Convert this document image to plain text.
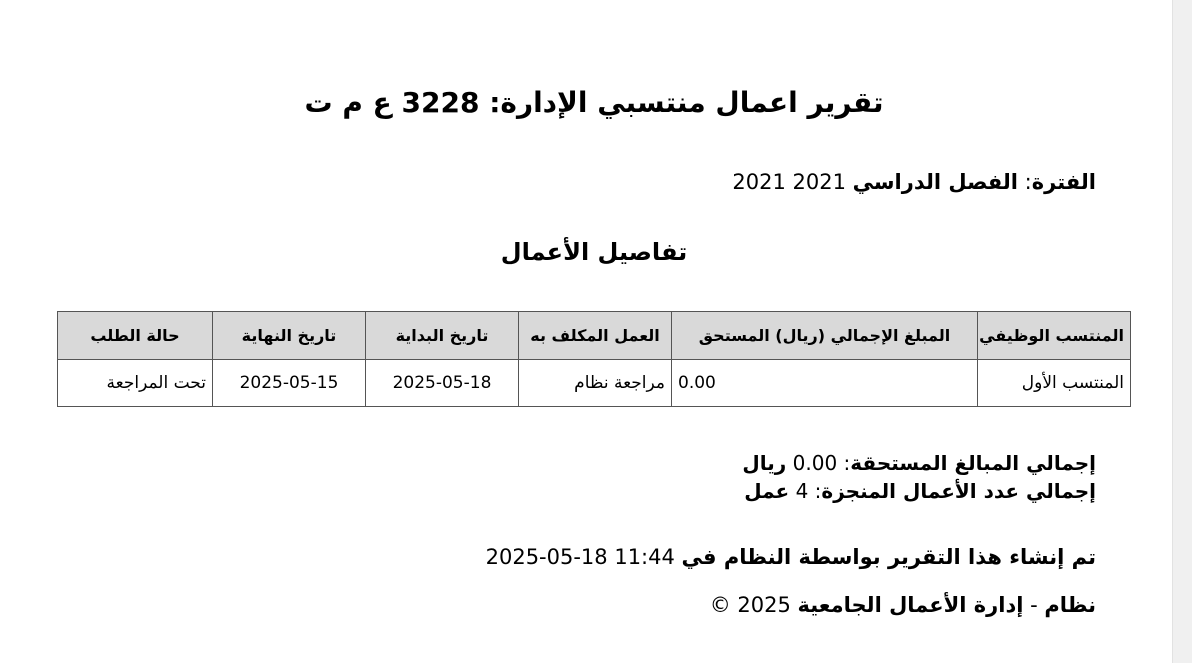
تقرير اعمال منتسبي الإدارة: 3228 ع م ت
الفترة: الفصل الدراسي 2021 2021
تفاصيل الأعمال
المنتسب الوظيفي	المبلغ الإجمالي (ريال) المستحق	العمل المكلف به	تاريخ البداية	تاريخ النهاية	حالة الطلب
المنتسب الأول	0.00	مراجعة نظام	2025-05-18	2025-05-15	تحت المراجعة
إجمالي المبالغ المستحقة: 0.00 ريال
إجمالي عدد الأعمال المنجزة: 4 عمل
تم إنشاء هذا التقرير بواسطة النظام في 2025-05-18 11:44
نظام - إدارة الأعمال الجامعية © 2025
